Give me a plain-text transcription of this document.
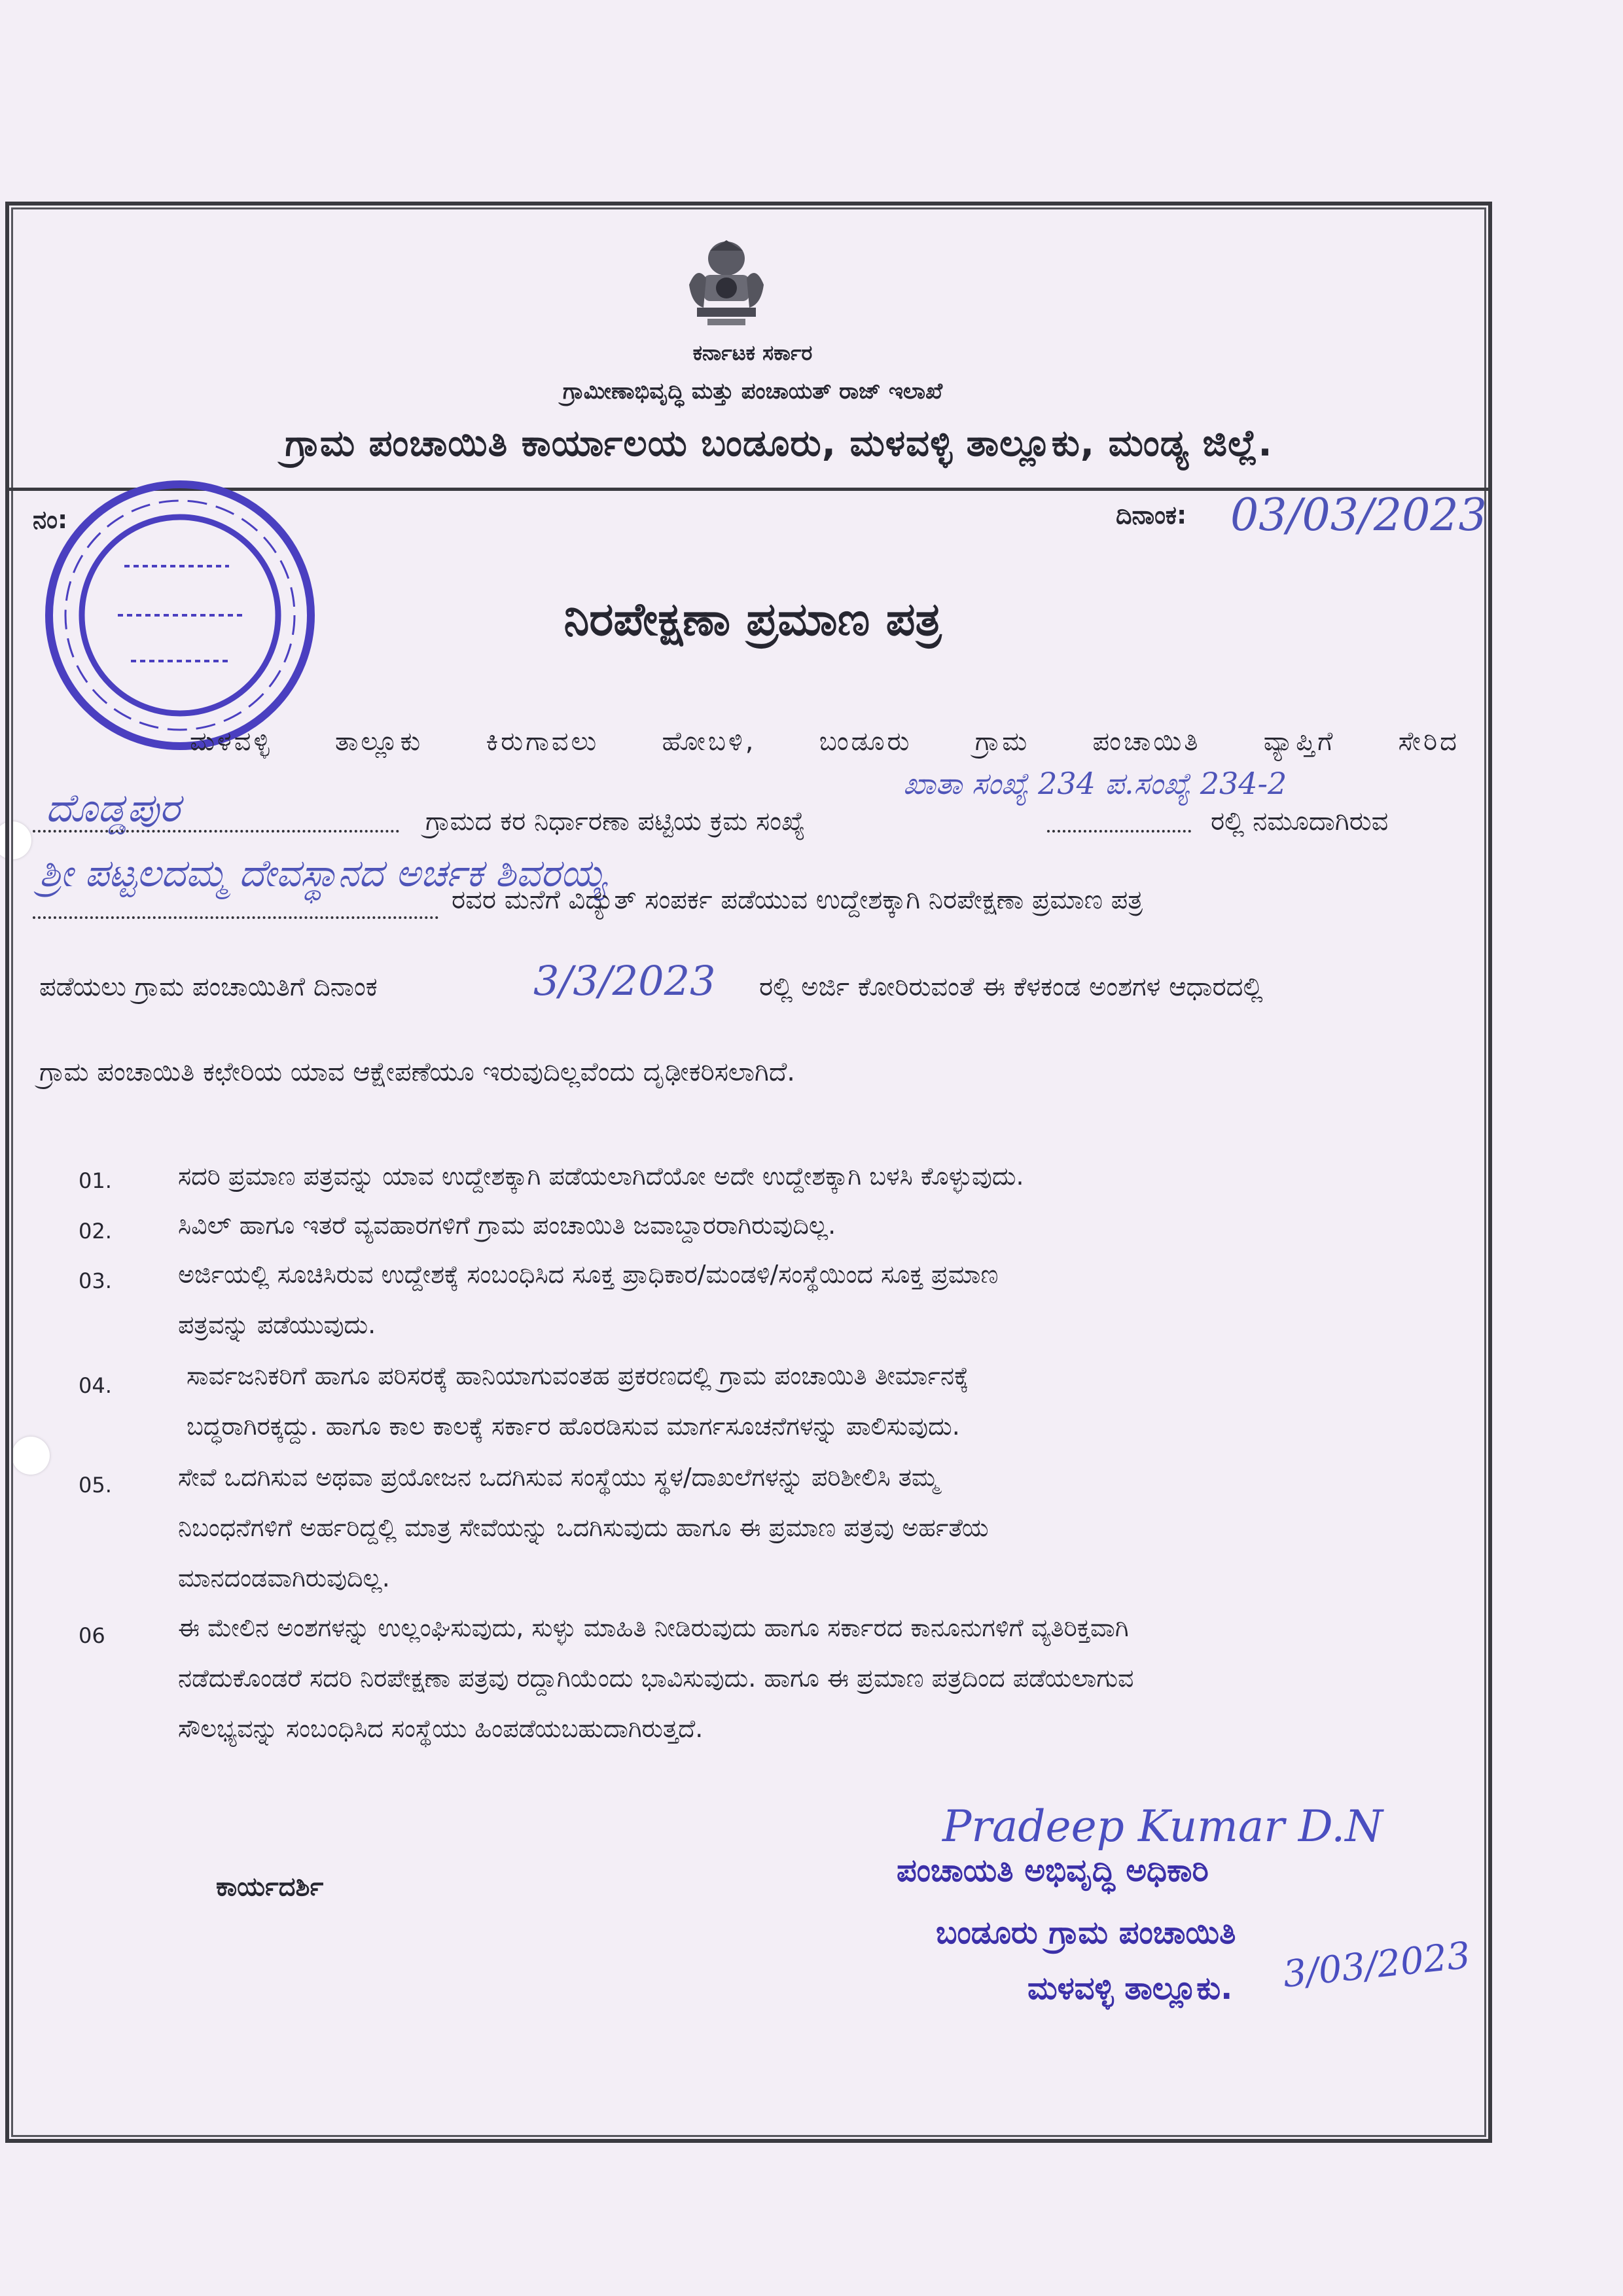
ಕರ್ನಾಟಕ ಸರ್ಕಾರ
ಗ್ರಾಮೀಣಾಭಿವೃದ್ಧಿ ಮತ್ತು ಪಂಚಾಯತ್ ರಾಜ್ ಇಲಾಖೆ
ಗ್ರಾಮ ಪಂಚಾಯಿತಿ ಕಾರ್ಯಾಲಯ ಬಂಡೂರು, ಮಳವಳ್ಳಿ ತಾಲ್ಲೂಕು, ಮಂಡ್ಯ ಜಿಲ್ಲೆ.
ನಂ:	ದಿನಾಂಕ: 03/03/2023
ನಿರಪೇಕ್ಷಣಾ ಪ್ರಮಾಣ ಪತ್ರ
ಮಳವಳ್ಳಿ ತಾಲ್ಲೂಕು ಕಿರುಗಾವಲು ಹೋಬಳಿ, ಬಂಡೂರು ಗ್ರಾಮ ಪಂಚಾಯಿತಿ ವ್ಯಾಪ್ತಿಗೆ ಸೇರಿದ
ದೊಡ್ಡಪುರ	ಗ್ರಾಮದ ಕರ ನಿರ್ಧಾರಣಾ ಪಟ್ಟಿಯ ಕ್ರಮ ಸಂಖ್ಯೆ
ಖಾತಾ ಸಂಖ್ಯೆ 234 ಪ.ಸಂಖ್ಯೆ 234-2
ರಲ್ಲಿ ನಮೂದಾಗಿರುವ
ಶ್ರೀ ಪಟ್ಟಲದಮ್ಮ ದೇವಸ್ಥಾನದ ಅರ್ಚಕ ಶಿವರಯ್ಯ
ರವರ ಮನೆಗೆ ವಿದ್ಯುತ್ ಸಂಪರ್ಕ ಪಡೆಯುವ ಉದ್ದೇಶಕ್ಕಾಗಿ ನಿರಪೇಕ್ಷಣಾ ಪ್ರಮಾಣ ಪತ್ರ
ಪಡೆಯಲು ಗ್ರಾಮ ಪಂಚಾಯಿತಿಗೆ ದಿನಾಂಕ	3/3/2023 ರಲ್ಲಿ ಅರ್ಜಿ ಕೋರಿರುವಂತೆ ಈ ಕೆಳಕಂಡ ಅಂಶಗಳ ಆಧಾರದಲ್ಲಿ
ಗ್ರಾಮ ಪಂಚಾಯಿತಿ ಕಛೇರಿಯ ಯಾವ ಆಕ್ಷೇಪಣೆಯೂ ಇರುವುದಿಲ್ಲವೆಂದು ದೃಢೀಕರಿಸಲಾಗಿದೆ.
01.	ಸದರಿ ಪ್ರಮಾಣ ಪತ್ರವನ್ನು ಯಾವ ಉದ್ದೇಶಕ್ಕಾಗಿ ಪಡೆಯಲಾಗಿದೆಯೋ ಅದೇ ಉದ್ದೇಶಕ್ಕಾಗಿ ಬಳಸಿ ಕೊಳ್ಳುವುದು.
02.	ಸಿವಿಲ್ ಹಾಗೂ ಇತರೆ ವ್ಯವಹಾರಗಳಿಗೆ ಗ್ರಾಮ ಪಂಚಾಯಿತಿ ಜವಾಬ್ದಾರರಾಗಿರುವುದಿಲ್ಲ.
03.	ಅರ್ಜಿಯಲ್ಲಿ ಸೂಚಿಸಿರುವ ಉದ್ದೇಶಕ್ಕೆ ಸಂಬಂಧಿಸಿದ ಸೂಕ್ತ ಪ್ರಾಧಿಕಾರ/ಮಂಡಳಿ/ಸಂಸ್ಥೆಯಿಂದ ಸೂಕ್ತ ಪ್ರಮಾಣ
ಪತ್ರವನ್ನು ಪಡೆಯುವುದು.
04.	ಸಾರ್ವಜನಿಕರಿಗೆ ಹಾಗೂ ಪರಿಸರಕ್ಕೆ ಹಾನಿಯಾಗುವಂತಹ ಪ್ರಕರಣದಲ್ಲಿ ಗ್ರಾಮ ಪಂಚಾಯಿತಿ ತೀರ್ಮಾನಕ್ಕೆ
ಬದ್ಧರಾಗಿರಕ್ಕದ್ದು. ಹಾಗೂ ಕಾಲ ಕಾಲಕ್ಕೆ ಸರ್ಕಾರ ಹೊರಡಿಸುವ ಮಾರ್ಗಸೂಚನೆಗಳನ್ನು ಪಾಲಿಸುವುದು.
05.	ಸೇವೆ ಒದಗಿಸುವ ಅಥವಾ ಪ್ರಯೋಜನ ಒದಗಿಸುವ ಸಂಸ್ಥೆಯು ಸ್ಥಳ/ದಾಖಲೆಗಳನ್ನು ಪರಿಶೀಲಿಸಿ ತಮ್ಮ
ನಿಬಂಧನೆಗಳಿಗೆ ಅರ್ಹರಿದ್ದಲ್ಲಿ ಮಾತ್ರ ಸೇವೆಯನ್ನು ಒದಗಿಸುವುದು ಹಾಗೂ ಈ ಪ್ರಮಾಣ ಪತ್ರವು ಅರ್ಹತೆಯ
ಮಾನದಂಡವಾಗಿರುವುದಿಲ್ಲ.
06	ಈ ಮೇಲಿನ ಅಂಶಗಳನ್ನು ಉಲ್ಲಂಘಿಸುವುದು, ಸುಳ್ಳು ಮಾಹಿತಿ ನೀಡಿರುವುದು ಹಾಗೂ ಸರ್ಕಾರದ ಕಾನೂನುಗಳಿಗೆ ವ್ಯತಿರಿಕ್ತವಾಗಿ
ನಡೆದುಕೊಂಡರೆ ಸದರಿ ನಿರಪೇಕ್ಷಣಾ ಪತ್ರವು ರದ್ದಾಗಿಯೆಂದು ಭಾವಿಸುವುದು. ಹಾಗೂ ಈ ಪ್ರಮಾಣ ಪತ್ರದಿಂದ ಪಡೆಯಲಾಗುವ
ಸೌಲಭ್ಯವನ್ನು ಸಂಬಂಧಿಸಿದ ಸಂಸ್ಥೆಯು ಹಿಂಪಡೆಯಬಹುದಾಗಿರುತ್ತದೆ.
ಕಾರ್ಯದರ್ಶಿ
Pradeep Kumar D.N
ಪಂಚಾಯತಿ ಅಭಿವೃದ್ಧಿ ಅಧಿಕಾರಿ
ಬಂಡೂರು ಗ್ರಾಮ ಪಂಚಾಯಿತಿ
ಮಳವಳ್ಳಿ ತಾಲ್ಲೂಕು. 3/03/2023
